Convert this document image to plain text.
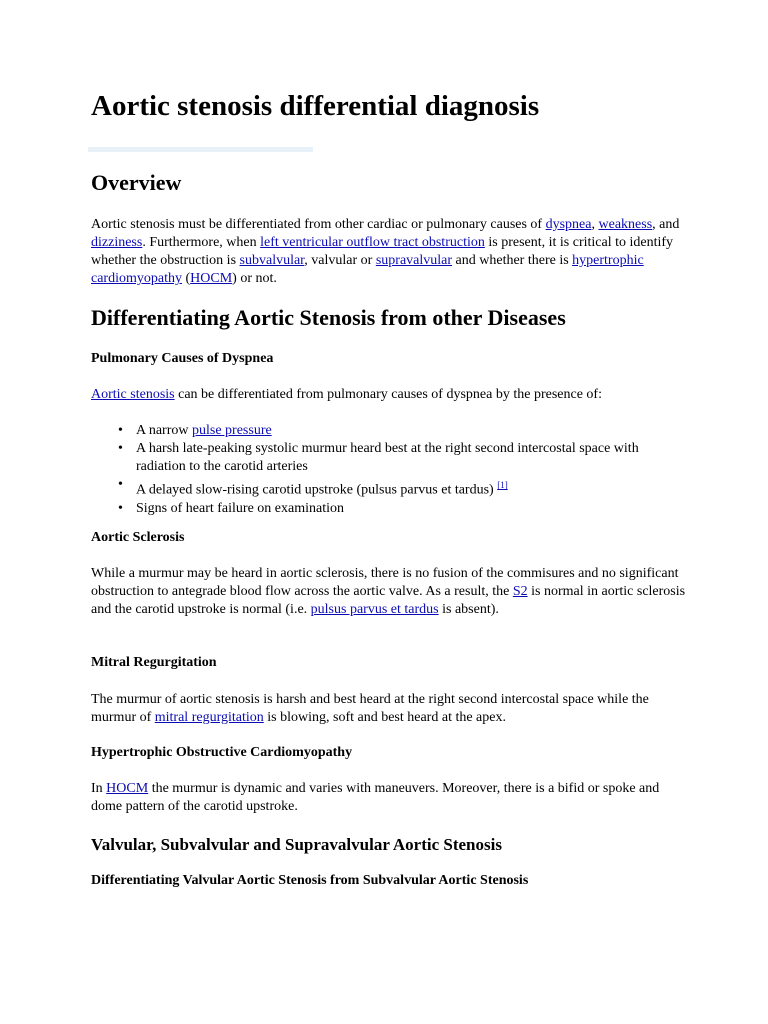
Aortic stenosis differential diagnosis
Overview

Aortic stenosis must be differentiated from other cardiac or pulmonary causes of dyspnea, weakness, and dizziness. Furthermore, when left ventricular outflow tract obstruction is present, it is critical to identify whether the obstruction is subvalvular, valvular or supravalvular and whether there is hypertrophic cardiomyopathy (HOCM) or not.

Differentiating Aortic Stenosis from other Diseases
Pulmonary Causes of Dyspnea

Aortic stenosis can be differentiated from pulmonary causes of dyspnea by the presence of:

• A narrow pulse pressure
• A harsh late-peaking systolic murmur heard best at the right second intercostal space with radiation to the carotid arteries
• A delayed slow-rising carotid upstroke (pulsus parvus et tardus) [1]
• Signs of heart failure on examination
Aortic Sclerosis

While a murmur may be heard in aortic sclerosis, there is no fusion of the commisures and no significant obstruction to antegrade blood flow across the aortic valve. As a result, the S2 is normal in aortic sclerosis and the carotid upstroke is normal (i.e. pulsus parvus et tardus is absent).

Mitral Regurgitation

The murmur of aortic stenosis is harsh and best heard at the right second intercostal space while the murmur of mitral regurgitation is blowing, soft and best heard at the apex.

Hypertrophic Obstructive Cardiomyopathy

In HOCM the murmur is dynamic and varies with maneuvers. Moreover, there is a bifid or spoke and dome pattern of the carotid upstroke.

Valvular, Subvalvular and Supravalvular Aortic Stenosis
Differentiating Valvular Aortic Stenosis from Subvalvular Aortic Stenosis
